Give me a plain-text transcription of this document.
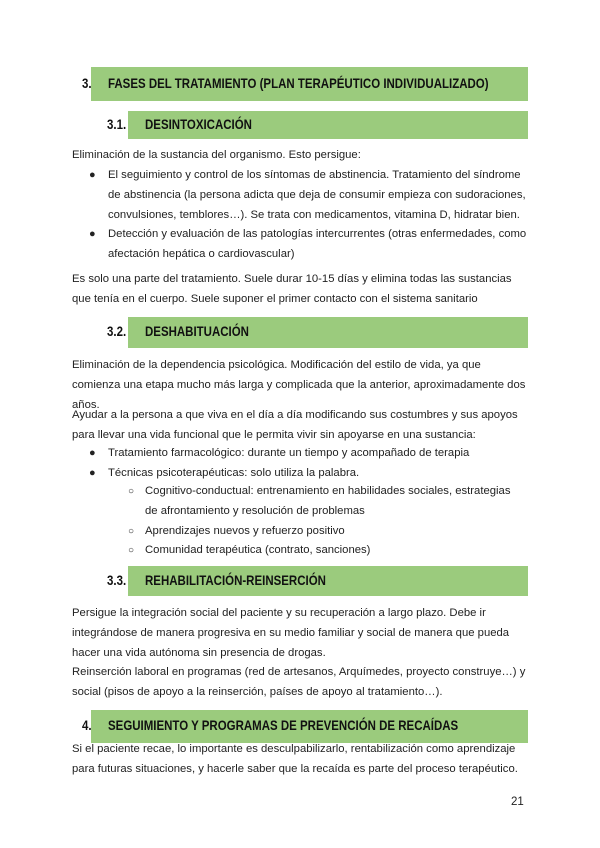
3. FASES DEL TRATAMIENTO (PLAN TERAPÉUTICO INDIVIDUALIZADO)
3.1. DESINTOXICACIÓN
Eliminación de la sustancia del organismo. Esto persigue:
● El seguimiento y control de los síntomas de abstinencia. Tratamiento del síndrome de abstinencia (la persona adicta que deja de consumir empieza con sudoraciones, convulsiones, temblores…). Se trata con medicamentos, vitamina D, hidratar bien.
● Detección y evaluación de las patologías intercurrentes (otras enfermedades, como afectación hepática o cardiovascular)
Es solo una parte del tratamiento. Suele durar 10-15 días y elimina todas las sustancias que tenía en el cuerpo. Suele suponer el primer contacto con el sistema sanitario
3.2. DESHABITUACIÓN
Eliminación de la dependencia psicológica. Modificación del estilo de vida, ya que comienza una etapa mucho más larga y complicada que la anterior, aproximadamente dos años.
Ayudar a la persona a que viva en el día a día modificando sus costumbres y sus apoyos para llevar una vida funcional que le permita vivir sin apoyarse en una sustancia:
● Tratamiento farmacológico: durante un tiempo y acompañado de terapia
● Técnicas psicoterapéuticas: solo utiliza la palabra.
○ Cognitivo-conductual: entrenamiento en habilidades sociales, estrategias de afrontamiento y resolución de problemas
○ Aprendizajes nuevos y refuerzo positivo
○ Comunidad terapéutica (contrato, sanciones)
3.3. REHABILITACIÓN-REINSERCIÓN
Persigue la integración social del paciente y su recuperación a largo plazo. Debe ir integrándose de manera progresiva en su medio familiar y social de manera que pueda hacer una vida autónoma sin presencia de drogas.
Reinserción laboral en programas (red de artesanos, Arquímedes, proyecto construye…) y social (pisos de apoyo a la reinserción, países de apoyo al tratamiento…).
4. SEGUIMIENTO Y PROGRAMAS DE PREVENCIÓN DE RECAÍDAS
Si el paciente recae, lo importante es desculpabilizarlo, rentabilización como aprendizaje para futuras situaciones, y hacerle saber que la recaída es parte del proceso terapéutico.
21
